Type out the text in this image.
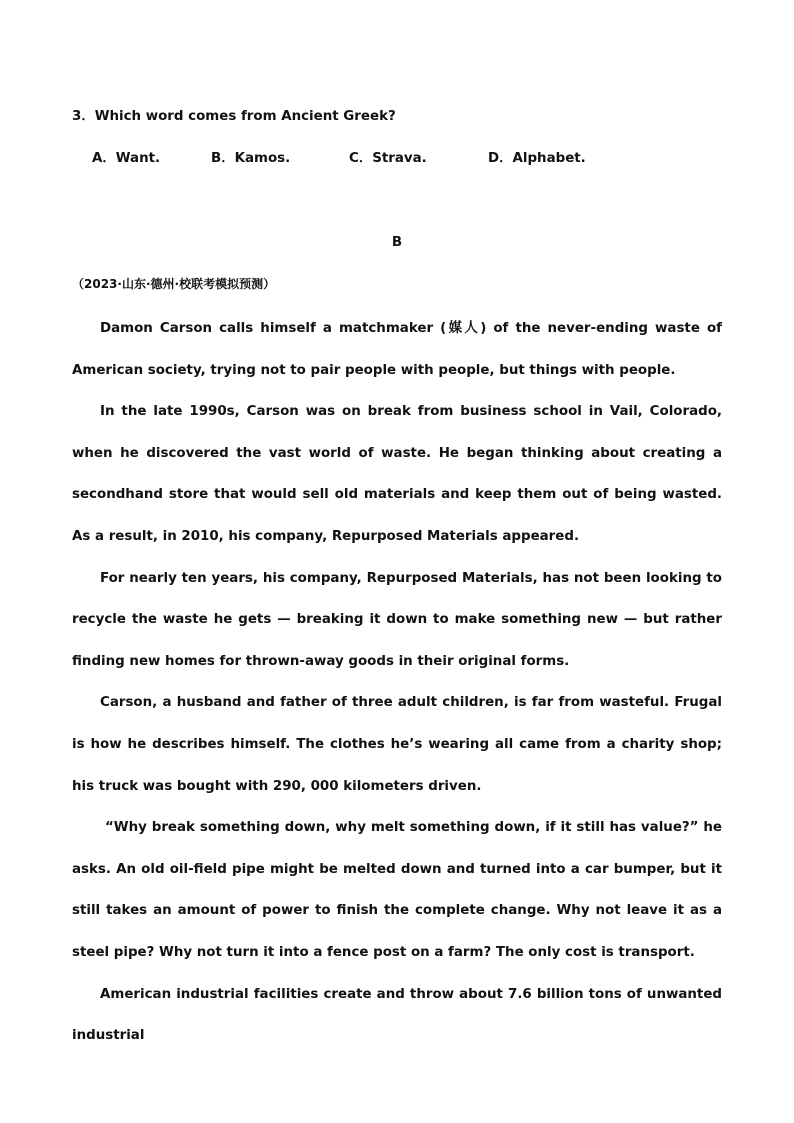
3．Which word comes from Ancient Greek?
A．Want.	B．Kamos.	C．Strava.	D．Alphabet.
B
（2023·山东·德州·校联考模拟预测）

Damon Carson calls himself a matchmaker (媒人) of the never-ending waste of American society, trying not to pair people with people, but things with people.

In the late 1990s, Carson was on break from business school in Vail, Colorado, when he discovered the vast world of waste. He began thinking about creating a secondhand store that would sell old materials and keep them out of being wasted. As a result, in 2010, his company, Repurposed Materials appeared.

For nearly ten years, his company, Repurposed Materials, has not been looking to recycle the waste he gets — breaking it down to make something new — but rather finding new homes for thrown-away goods in their original forms.

Carson, a husband and father of three adult children, is far from wasteful. Frugal is how he describes himself. The clothes he’s wearing all came from a charity shop; his truck was bought with 290, 000 kilometers driven.

“Why break something down, why melt something down, if it still has value?” he asks. An old oil-field pipe might be melted down and turned into a car bumper, but it still takes an amount of power to finish the complete change. Why not leave it as a steel pipe? Why not turn it into a fence post on a farm? The only cost is transport.

American industrial facilities create and throw about 7.6 billion tons of unwanted industrial
